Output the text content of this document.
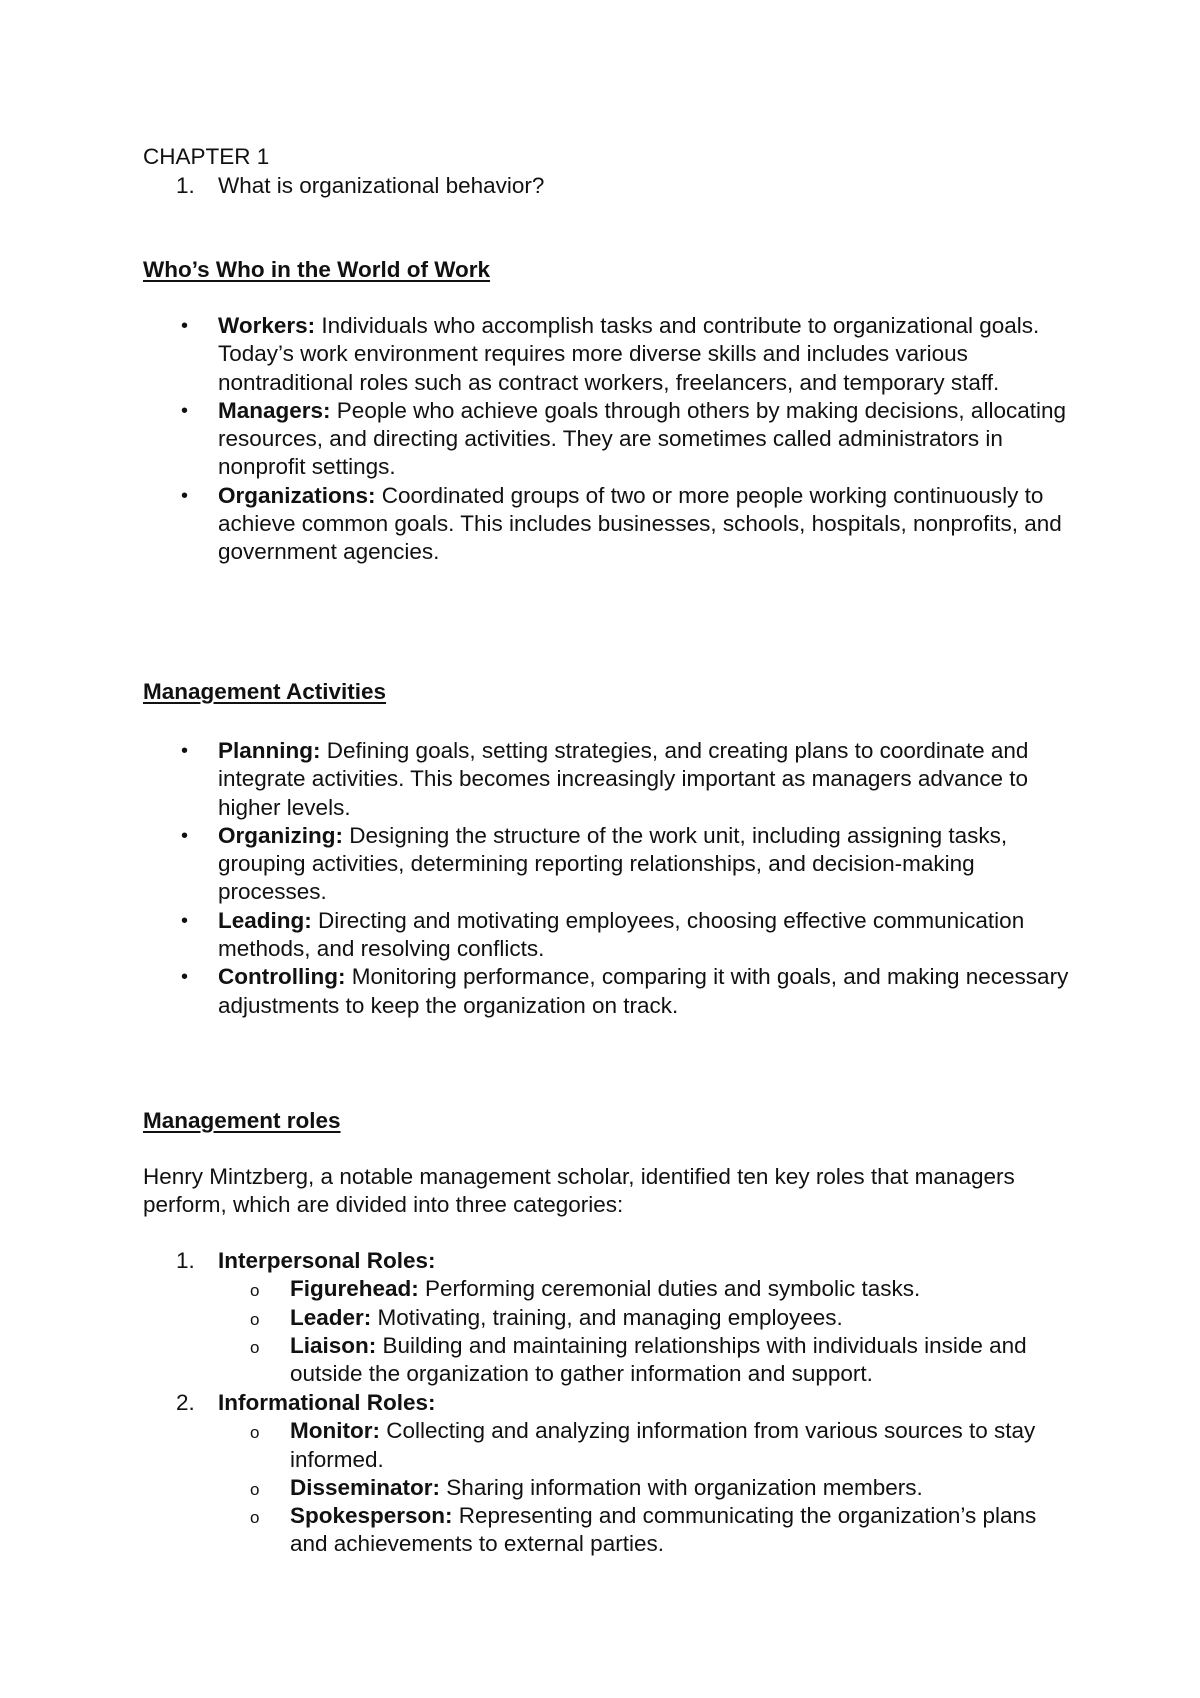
CHAPTER 1
1. What is organizational behavior?
Who’s Who in the World of Work
• Workers: Individuals who accomplish tasks and contribute to organizational goals. Today’s work environment requires more diverse skills and includes various nontraditional roles such as contract workers, freelancers, and temporary staff.
• Managers: People who achieve goals through others by making decisions, allocating resources, and directing activities. They are sometimes called administrators in nonprofit settings.
• Organizations: Coordinated groups of two or more people working continuously to achieve common goals. This includes businesses, schools, hospitals, nonprofits, and government agencies.
Management Activities
• Planning: Defining goals, setting strategies, and creating plans to coordinate and integrate activities. This becomes increasingly important as managers advance to higher levels.
• Organizing: Designing the structure of the work unit, including assigning tasks, grouping activities, determining reporting relationships, and decision-making processes.
• Leading: Directing and motivating employees, choosing effective communication methods, and resolving conflicts.
• Controlling: Monitoring performance, comparing it with goals, and making necessary adjustments to keep the organization on track.
Management roles
Henry Mintzberg, a notable management scholar, identified ten key roles that managers perform, which are divided into three categories:
1. Interpersonal Roles:
o Figurehead: Performing ceremonial duties and symbolic tasks.
o Leader: Motivating, training, and managing employees.
o Liaison: Building and maintaining relationships with individuals inside and outside the organization to gather information and support.
2. Informational Roles:
o Monitor: Collecting and analyzing information from various sources to stay informed.
o Disseminator: Sharing information with organization members.
o Spokesperson: Representing and communicating the organization’s plans and achievements to external parties.
